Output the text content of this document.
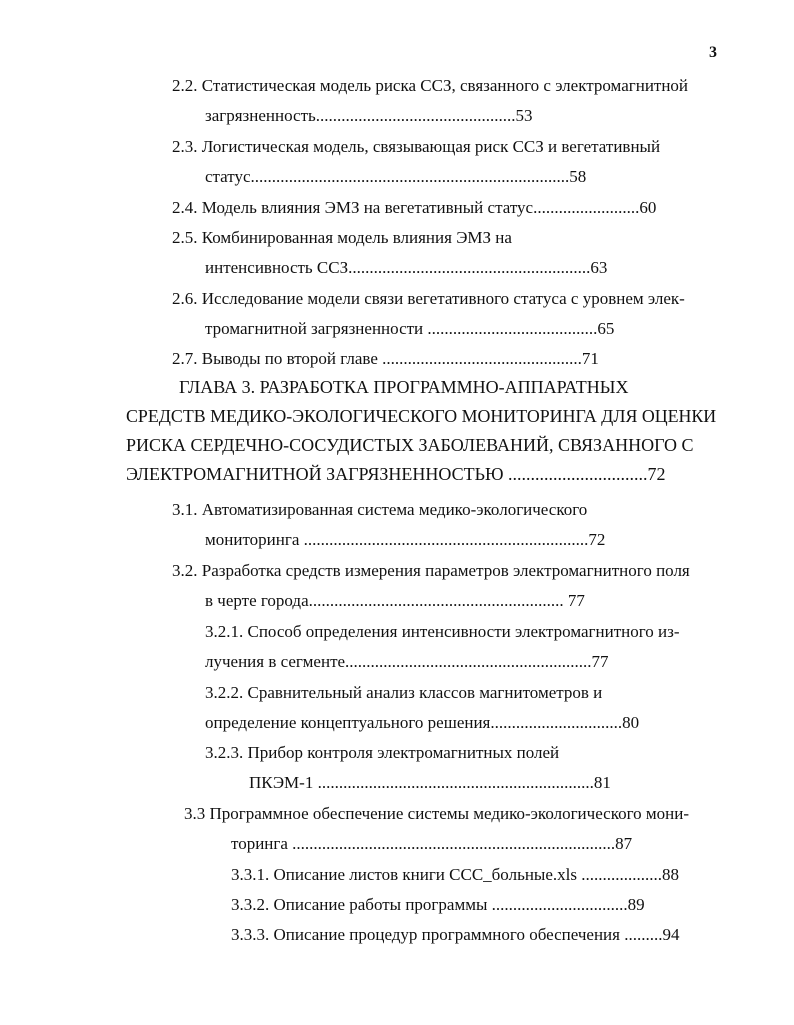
3
2.2. Статистическая модель риска ССЗ, связанного с электромагнитной
загрязненность...............................................53
2.3. Логистическая модель, связывающая риск ССЗ и вегетативный
статус...........................................................................58
2.4. Модель влияния ЭМЗ на вегетативный статус.........................60
2.5. Комбинированная модель влияния ЭМЗ на
интенсивность ССЗ.........................................................63
2.6. Исследование модели связи вегетативного статуса с уровнем элек-
тромагнитной загрязненности ........................................65
2.7. Выводы по второй главе ...............................................71
ГЛАВА 3. РАЗРАБОТКА ПРОГРАММНО-АППАРАТНЫХ
СРЕДСТВ МЕДИКО-ЭКОЛОГИЧЕСКОГО МОНИТОРИНГА ДЛЯ ОЦЕНКИ
РИСКА СЕРДЕЧНО-СОСУДИСТЫХ ЗАБОЛЕВАНИЙ, СВЯЗАННОГО С
ЭЛЕКТРОМАГНИТНОЙ ЗАГРЯЗНЕННОСТЬЮ ...............................72
3.1. Автоматизированная система медико-экологического
мониторинга ...................................................................72
3.2. Разработка средств измерения параметров электромагнитного поля
в черте города............................................................ 77
3.2.1. Способ определения интенсивности электромагнитного из-
лучения в сегменте..........................................................77
3.2.2. Сравнительный анализ классов магнитометров и
определение концептуального решения...............................80
3.2.3. Прибор контроля электромагнитных полей
ПКЭМ-1 .................................................................81
3.3 Программное обеспечение системы медико-экологического мони-
торинга ............................................................................87
3.3.1. Описание листов книги ССС_больные.xls ...................88
3.3.2. Описание работы программы ................................89
3.3.3. Описание процедур программного обеспечения .........94
